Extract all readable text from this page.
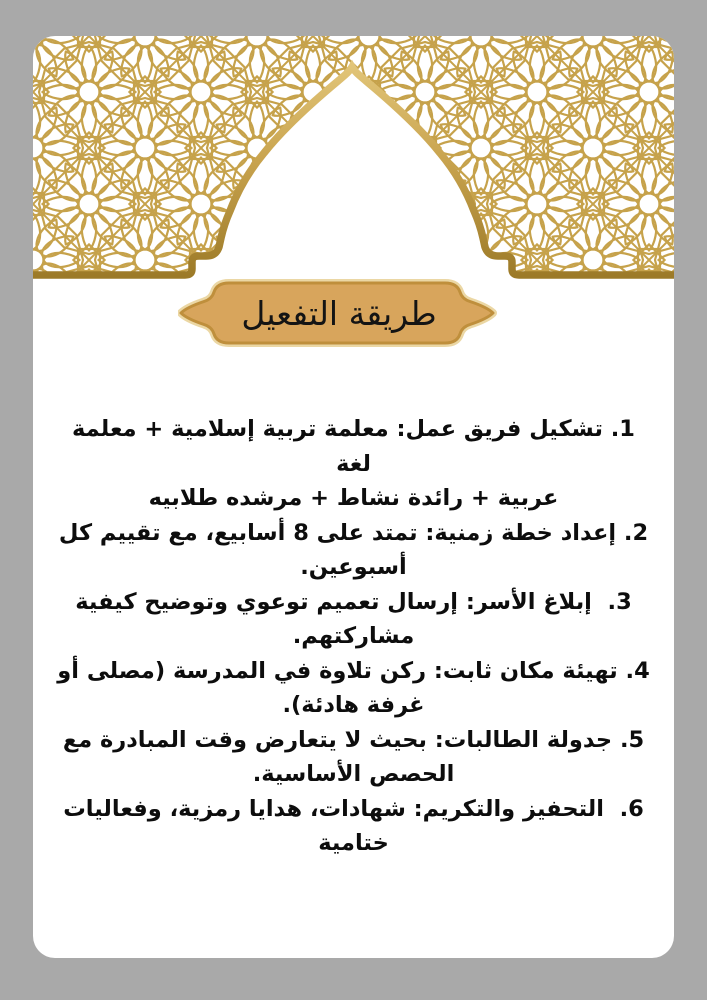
طريقة التفعيل
1. تشكيل فريق عمل: معلمة تربية إسلامية + معلمة لغة
عربية + رائدة نشاط + مرشده طلابيه
2. إعداد خطة زمنية: تمتد على 8 أسابيع، مع تقييم كل
أسبوعين.
3.  إبلاغ الأسر: إرسال تعميم توعوي وتوضيح كيفية
مشاركتهم.
4. تهيئة مكان ثابت: ركن تلاوة في المدرسة (مصلى أو
غرفة هادئة).
5. جدولة الطالبات: بحيث لا يتعارض وقت المبادرة مع
الحصص الأساسية.
6.  التحفيز والتكريم: شهادات، هدايا رمزية، وفعاليات
ختامية
